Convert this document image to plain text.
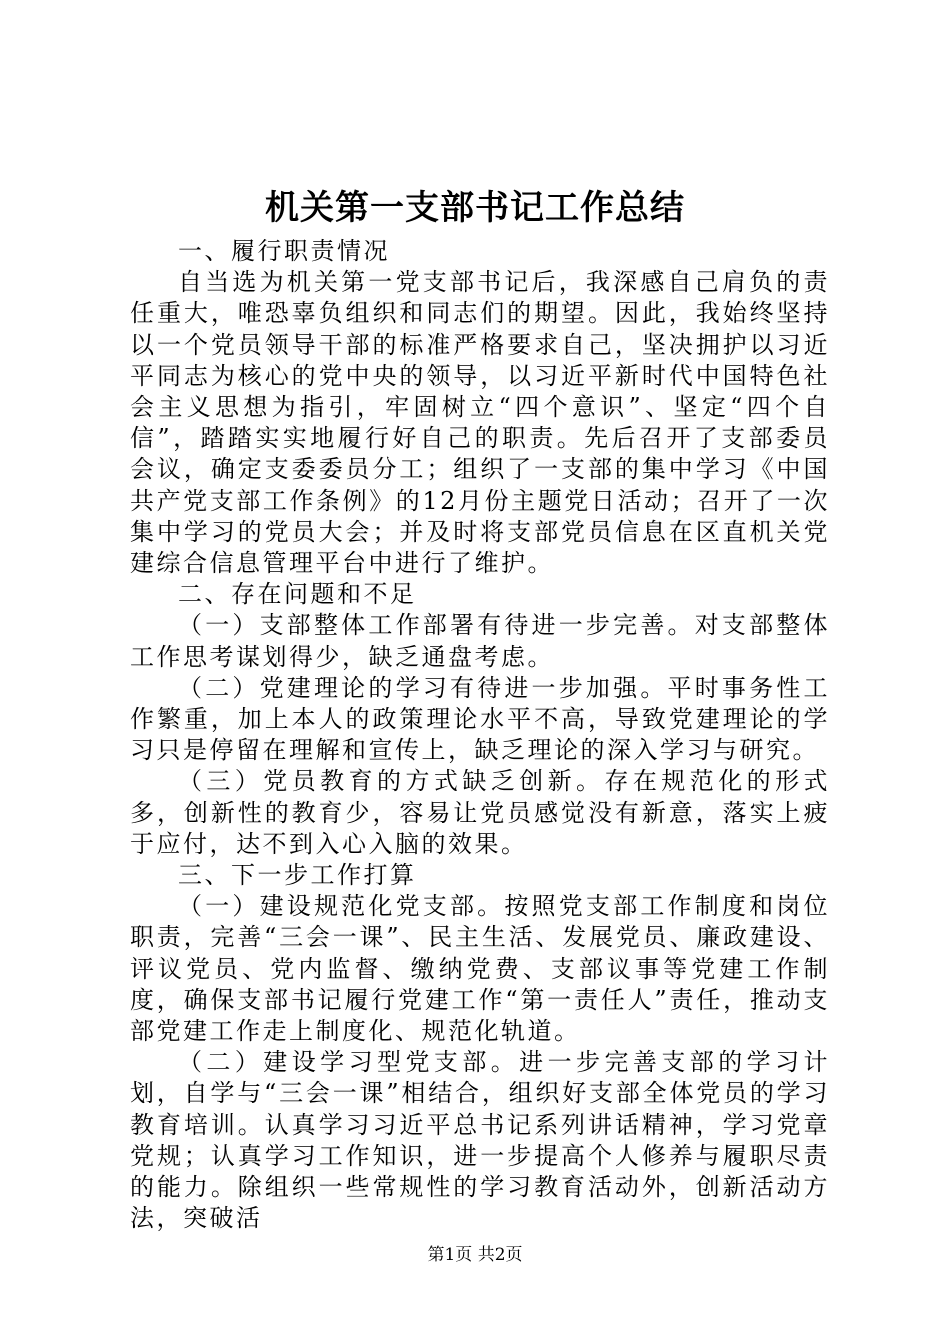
机关第一支部书记工作总结

一、履行职责情况

自当选为机关第一党支部书记后，我深感自己肩负的责任重大，唯恐辜负组织和同志们的期望。因此，我始终坚持以一个党员领导干部的标准严格要求自己，坚决拥护以习近平同志为核心的党中央的领导，以习近平新时代中国特色社会主义思想为指引，牢固树立“四个意识”、坚定“四个自信”，踏踏实实地履行好自己的职责。先后召开了支部委员会议，确定支委委员分工；组织了一支部的集中学习《中国共产党支部工作条例》的12月份主题党日活动；召开了一次集中学习的党员大会；并及时将支部党员信息在区直机关党建综合信息管理平台中进行了维护。

二、存在问题和不足

（一）支部整体工作部署有待进一步完善。对支部整体工作思考谋划得少，缺乏通盘考虑。

（二）党建理论的学习有待进一步加强。平时事务性工作繁重，加上本人的政策理论水平不高，导致党建理论的学习只是停留在理解和宣传上，缺乏理论的深入学习与研究。

（三）党员教育的方式缺乏创新。存在规范化的形式多，创新性的教育少，容易让党员感觉没有新意，落实上疲于应付，达不到入心入脑的效果。

三、下一步工作打算

（一）建设规范化党支部。按照党支部工作制度和岗位职责，完善“三会一课”、民主生活、发展党员、廉政建设、评议党员、党内监督、缴纳党费、支部议事等党建工作制度，确保支部书记履行党建工作“第一责任人”责任，推动支部党建工作走上制度化、规范化轨道。

（二）建设学习型党支部。进一步完善支部的学习计划，自学与“三会一课”相结合，组织好支部全体党员的学习教育培训。认真学习习近平总书记系列讲话精神，学习党章党规；认真学习工作知识，进一步提高个人修养与履职尽责的能力。除组织一些常规性的学习教育活动外，创新活动方法，突破活

第1页 共2页
